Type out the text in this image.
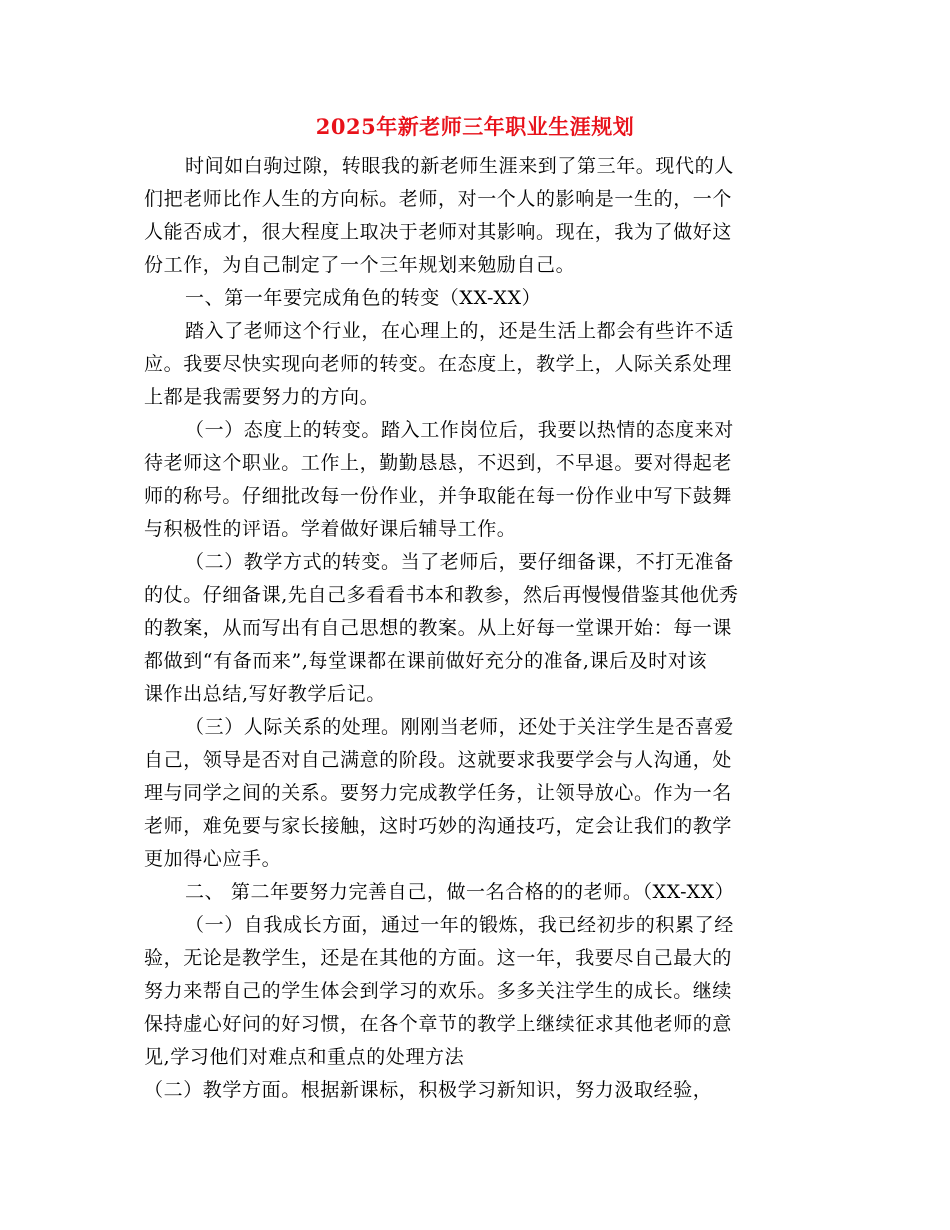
2025年新老师三年职业生涯规划

时间如白驹过隙，转眼我的新老师生涯来到了第三年。现代的人

们把老师比作人生的方向标。老师，对一个人的影响是一生的，一个

人能否成才，很大程度上取决于老师对其影响。现在，我为了做好这

份工作，为自己制定了一个三年规划来勉励自己。

一、第一年要完成角色的转变（XX-XX）

踏入了老师这个行业，在心理上的，还是生活上都会有些许不适

应。我要尽快实现向老师的转变。在态度上，教学上，人际关系处理

上都是我需要努力的方向。

（一）态度上的转变。踏入工作岗位后，我要以热情的态度来对

待老师这个职业。工作上，勤勤恳恳，不迟到，不早退。要对得起老

师的称号。仔细批改每一份作业，并争取能在每一份作业中写下鼓舞

与积极性的评语。学着做好课后辅导工作。

（二）教学方式的转变。当了老师后，要仔细备课，不打无准备

的仗。仔细备课,先自己多看看书本和教参，然后再慢慢借鉴其他优秀

的教案，从而写出有自己思想的教案。从上好每一堂课开始：每一课

都做到“有备而来”,每堂课都在课前做好充分的准备,课后及时对该

课作出总结,写好教学后记。

（三）人际关系的处理。刚刚当老师，还处于关注学生是否喜爱

自己，领导是否对自己满意的阶段。这就要求我要学会与人沟通，处

理与同学之间的关系。要努力完成教学任务，让领导放心。作为一名

老师，难免要与家长接触，这时巧妙的沟通技巧，定会让我们的教学

更加得心应手。

二、 第二年要努力完善自己，做一名合格的的老师。（XX-XX）

（一）自我成长方面，通过一年的锻炼，我已经初步的积累了经

验，无论是教学生，还是在其他的方面。这一年，我要尽自己最大的

努力来帮自己的学生体会到学习的欢乐。多多关注学生的成长。继续

保持虚心好问的好习惯，在各个章节的教学上继续征求其他老师的意

见,学习他们对难点和重点的处理方法

（二）教学方面。根据新课标，积极学习新知识，努力汲取经验，
